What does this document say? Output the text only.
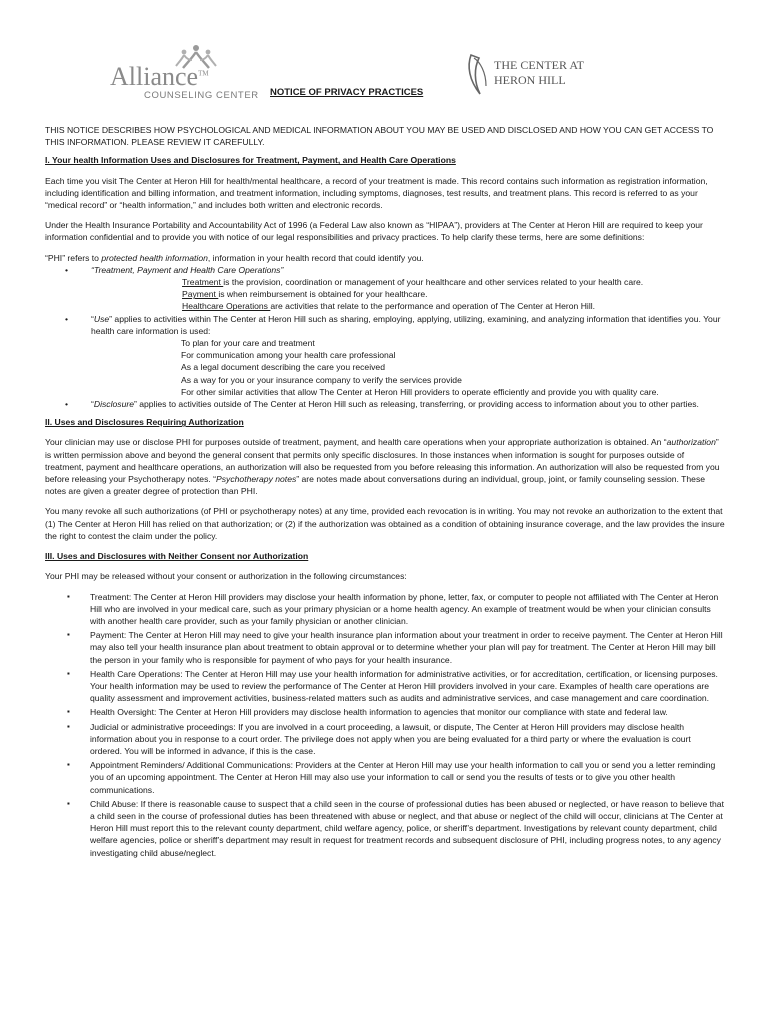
Alliance™
COUNSELING CENTER
THE CENTER AT
HERON HILL
NOTICE OF PRIVACY PRACTICES

THIS NOTICE DESCRIBES HOW PSYCHOLOGICAL AND MEDICAL INFORMATION ABOUT YOU MAY BE USED AND DISCLOSED AND HOW YOU CAN GET ACCESS TO THIS INFORMATION. PLEASE REVIEW IT CAREFULLY.

I. Your health Information Uses and Disclosures for Treatment, Payment, and Health Care Operations

Each time you visit The Center at Heron Hill for health/mental healthcare, a record of your treatment is made. This record contains such information as registration information, including identification and billing information, and treatment information, including symptoms, diagnoses, test results, and treatment plans. This record is referred to as your “medical record” or “health information,” and includes both written and electronic records.

Under the Health Insurance Portability and Accountability Act of 1996 (a Federal Law also known as “HIPAA”), providers at The Center at Heron Hill are required to keep your information confidential and to provide you with notice of our legal responsibilities and privacy practices. To help clarify these terms, here are some definitions:

“PHI” refers to protected health information, information in your health record that could identify you.
• “Treatment, Payment and Health Care Operations”
Treatment is the provision, coordination or management of your healthcare and other services related to your health care.
Payment is when reimbursement is obtained for your healthcare.
Healthcare Operations are activities that relate to the performance and operation of The Center at Heron Hill.
• “Use” applies to activities within The Center at Heron Hill such as sharing, employing, applying, utilizing, examining, and analyzing information that identifies you. Your health care information is used:
To plan for your care and treatment
For communication among your health care professional
As a legal document describing the care you received
As a way for you or your insurance company to verify the services provide
For other similar activities that allow The Center at Heron Hill providers to operate efficiently and provide you with quality care.
• “Disclosure” applies to activities outside of The Center at Heron Hill such as releasing, transferring, or providing access to information about you to other parties.

II. Uses and Disclosures Requiring Authorization

Your clinician may use or disclose PHI for purposes outside of treatment, payment, and health care operations when your appropriate authorization is obtained. An “authorization” is written permission above and beyond the general consent that permits only specific disclosures. In those instances when information is sought for purposes outside of treatment, payment and healthcare operations, an authorization will also be requested from you before releasing this information. An authorization will also be requested from you before releasing your Psychotherapy notes. “Psychotherapy notes” are notes made about conversations during an individual, group, joint, or family counseling session. These notes are given a greater degree of protection than PHI.

You many revoke all such authorizations (of PHI or psychotherapy notes) at any time, provided each revocation is in writing. You may not revoke an authorization to the extent that (1) The Center at Heron Hill has relied on that authorization; or (2) if the authorization was obtained as a condition of obtaining insurance coverage, and the law provides the insure the right to contest the claim under the policy.

III. Uses and Disclosures with Neither Consent nor Authorization

Your PHI may be released without your consent or authorization in the following circumstances:

▪ Treatment: The Center at Heron Hill providers may disclose your health information by phone, letter, fax, or computer to people not affiliated with The Center at Heron Hill who are involved in your medical care, such as your primary physician or a home health agency. An example of treatment would be when your clinician consults with another health care provider, such as your family physician or another clinician.
▪ Payment: The Center at Heron Hill may need to give your health insurance plan information about your treatment in order to receive payment. The Center at Heron Hill may also tell your health insurance plan about treatment to obtain approval or to determine whether your plan will pay for treatment. The Center at Heron Hill may bill the person in your family who is responsible for payment of who pays for your health insurance.
▪ Health Care Operations: The Center at Heron Hill may use your health information for administrative activities, or for accreditation, certification, or licensing purposes. Your health information may be used to review the performance of The Center at Heron Hill providers involved in your care. Examples of health care operations are quality assessment and improvement activities, business-related matters such as audits and administrative services, and case management and care coordination.
▪ Health Oversight: The Center at Heron Hill providers may disclose health information to agencies that monitor our compliance with state and federal law.
▪ Judicial or administrative proceedings: If you are involved in a court proceeding, a lawsuit, or dispute, The Center at Heron Hill providers may disclose health information about you in response to a court order. The privilege does not apply when you are being evaluated for a third party or where the evaluation is court ordered. You will be informed in advance, if this is the case.
▪ Appointment Reminders/ Additional Communications: Providers at the Center at Heron Hill may use your health information to call you or send you a letter reminding you of an upcoming appointment. The Center at Heron Hill may also use your information to call or send you the results of tests or to give you other health communications.
▪ Child Abuse: If there is reasonable cause to suspect that a child seen in the course of professional duties has been abused or neglected, or have reason to believe that a child seen in the course of professional duties has been threatened with abuse or neglect, and that abuse or neglect of the child will occur, clinicians at The Center at Heron Hill must report this to the relevant county department, child welfare agency, police, or sheriff’s department. Investigations by relevant county department, child welfare agencies, police or sheriff’s department may result in request for treatment records and subsequent disclosure of PHI, including progress notes, to any agency investigating child abuse/neglect.
